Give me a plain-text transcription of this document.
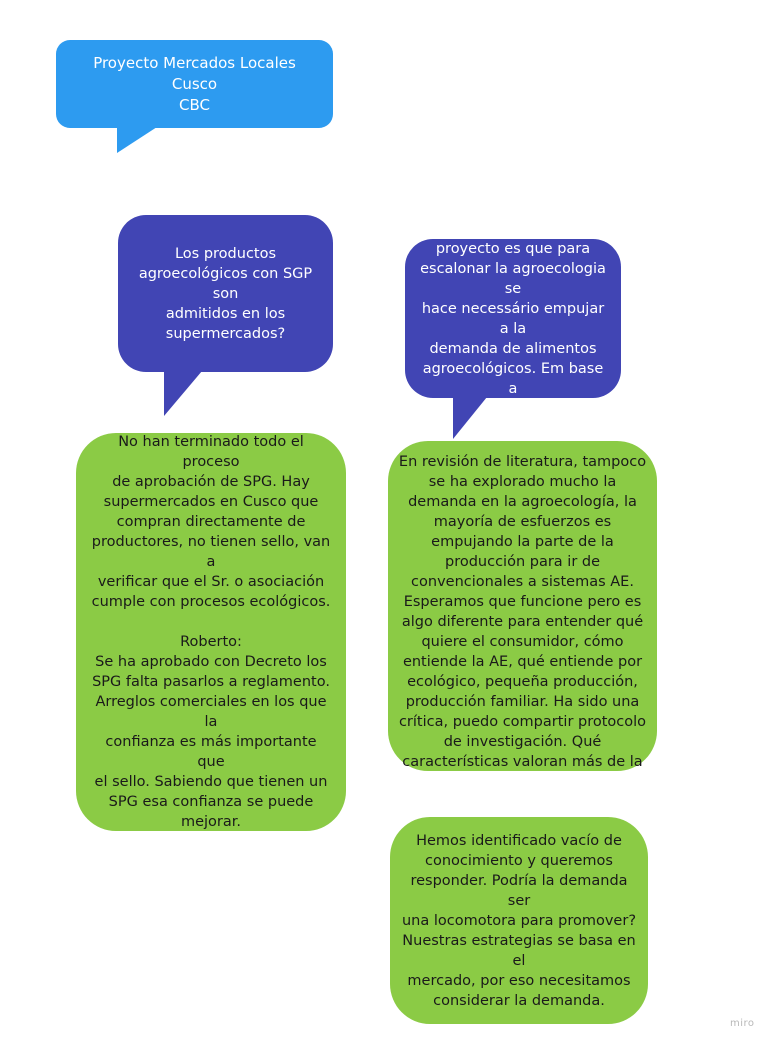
Proyecto Mercados Locales Cusco
CBC
Los productos
agroecológicos con SGP son
admitidos en los
supermercados?
La presuposición del
proyecto es que para
escalonar la agroecologia se
hace necessário empujar a la
demanda de alimentos
agroecológicos. Em base a
que se sostiene eso?
No han terminado todo el proceso
de aprobación de SPG. Hay
supermercados en Cusco que
compran directamente de
productores, no tienen sello, van a
verificar que el Sr. o asociación
cumple con procesos ecológicos.

Roberto:
Se ha aprobado con Decreto los
SPG falta pasarlos a reglamento.
Arreglos comerciales en los que la
confianza es más importante que
el sello. Sabiendo que tienen un
SPG esa confianza se puede
mejorar.
En revisión de literatura, tampoco
se ha explorado mucho la
demanda en la agroecología, la
mayoría de esfuerzos es
empujando la parte de la
producción para ir de
convencionales a sistemas AE.
Esperamos que funcione pero es
algo diferente para entender qué
quiere el consumidor, cómo
entiende la AE, qué entiende por
ecológico, pequeña producción,
producción familiar. Ha sido una
crítica, puedo compartir protocolo
de investigación. Qué
características valoran más de la
Hemos identificado vacío de
conocimiento y queremos
responder. Podría la demanda ser
una locomotora para promover?
Nuestras estrategias se basa en el
mercado, por eso necesitamos
considerar la demanda.
miro
